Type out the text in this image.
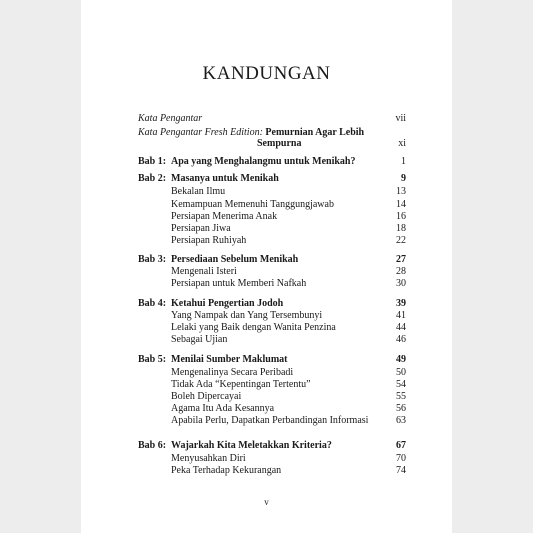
KANDUNGAN
Kata Pengantar	vii
Kata Pengantar Fresh Edition: Pemurnian Agar Lebih
Sempurna	xi
Bab 1: Apa yang Menghalangmu untuk Menikah?	1
Bab 2: Masanya untuk Menikah	9
Bekalan Ilmu	13
Kemampuan Memenuhi Tanggungjawab	14
Persiapan Menerima Anak	16
Persiapan Jiwa	18
Persiapan Ruhiyah	22
Bab 3: Persediaan Sebelum Menikah	27
Mengenali Isteri	28
Persiapan untuk Memberi Nafkah	30
Bab 4: Ketahui Pengertian Jodoh	39
Yang Nampak dan Yang Tersembunyi	41
Lelaki yang Baik dengan Wanita Penzina	44
Sebagai Ujian	46
Bab 5: Menilai Sumber Maklumat	49
Mengenalinya Secara Peribadi	50
Tidak Ada “Kepentingan Tertentu”	54
Boleh Dipercayai	55
Agama Itu Ada Kesannya	56
Apabila Perlu, Dapatkan Perbandingan Informasi	63
Bab 6: Wajarkah Kita Meletakkan Kriteria?	67
Menyusahkan Diri	70
Peka Terhadap Kekurangan	74
v
